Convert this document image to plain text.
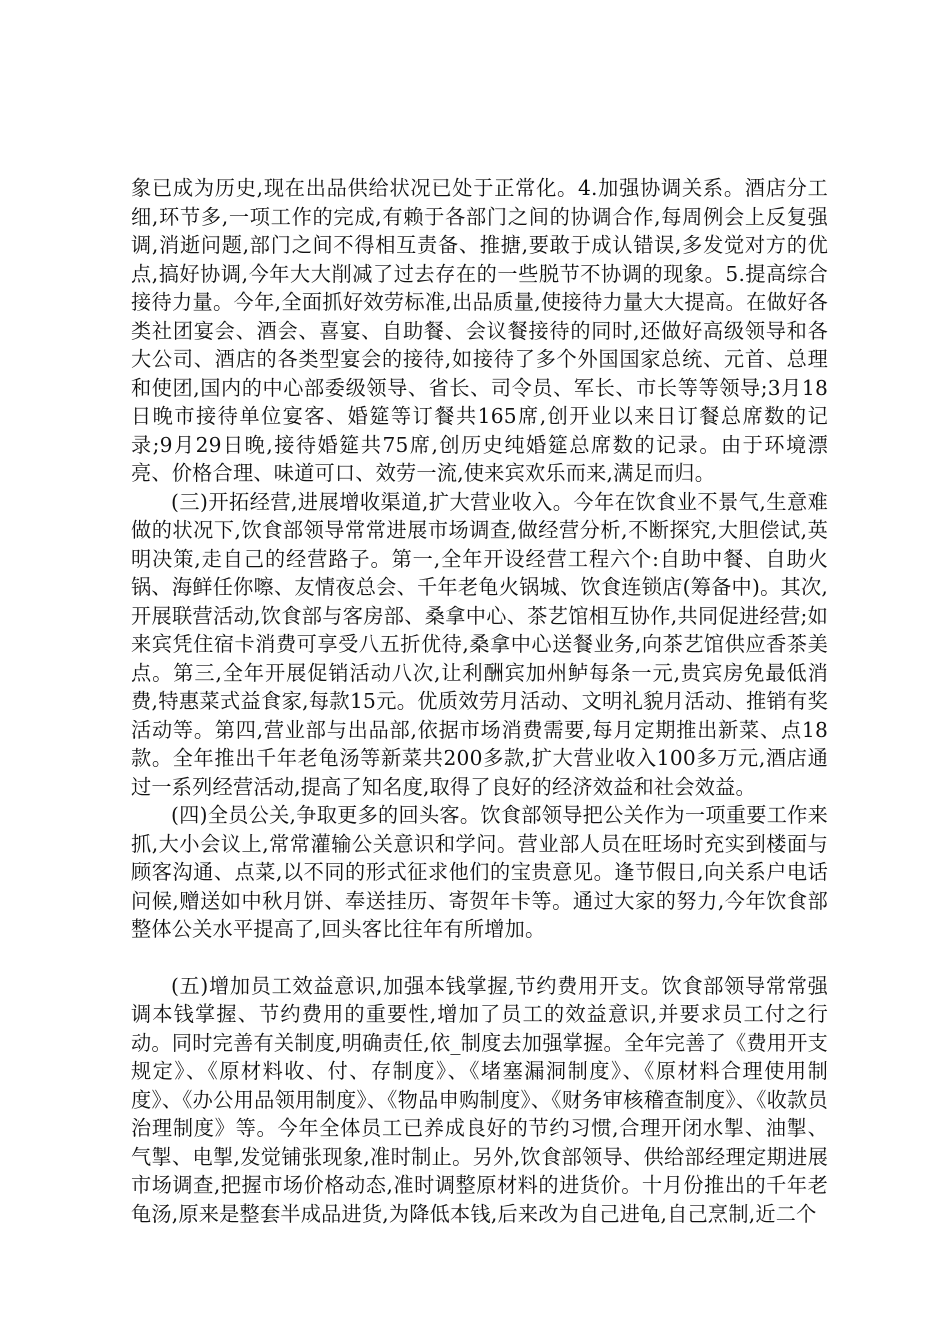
象已成为历史,现在出品供给状况已处于正常化。4.加强协调关系。酒店分工细,环节多,一项工作的完成,有赖于各部门之间的协调合作,每周例会上反复强调,消逝问题,部门之间不得相互责备、推搪,要敢于成认错误,多发觉对方的优点,搞好协调,今年大大削减了过去存在的一些脱节不协调的现象。5.提高综合接待力量。今年,全面抓好效劳标准,出品质量,使接待力量大大提高。在做好各类社团宴会、酒会、喜宴、自助餐、会议餐接待的同时,还做好高级领导和各大公司、酒店的各类型宴会的接待,如接待了多个外国国家总统、元首、总理和使团,国内的中心部委级领导、省长、司令员、军长、市长等等领导;3月18日晚市接待单位宴客、婚筵等订餐共165席,创开业以来日订餐总席数的记录;9月29日晚,接待婚筵共75席,创历史纯婚筵总席数的记录。由于环境漂亮、价格合理、味道可口、效劳一流,使来宾欢乐而来,满足而归。

(三)开拓经营,进展增收渠道,扩大营业收入。今年在饮食业不景气,生意难做的状况下,饮食部领导常常进展市场调查,做经营分析,不断探究,大胆偿试,英明决策,走自己的经营路子。第一,全年开设经营工程六个:自助中餐、自助火锅、海鲜任你嚓、友情夜总会、千年老龟火锅城、饮食连锁店(筹备中)。其次,开展联营活动,饮食部与客房部、桑拿中心、茶艺馆相互协作,共同促进经营;如来宾凭住宿卡消费可享受八五折优待,桑拿中心送餐业务,向茶艺馆供应香茶美点。第三,全年开展促销活动八次,让利酬宾加州鲈每条一元,贵宾房免最低消费,特惠菜式益食家,每款15元。优质效劳月活动、文明礼貌月活动、推销有奖活动等。第四,营业部与出品部,依据市场消费需要,每月定期推出新菜、点18款。全年推出千年老龟汤等新菜共200多款,扩大营业收入100多万元,酒店通过一系列经营活动,提高了知名度,取得了良好的经济效益和社会效益。

(四)全员公关,争取更多的回头客。饮食部领导把公关作为一项重要工作来抓,大小会议上,常常灌输公关意识和学问。营业部人员在旺场时充实到楼面与顾客沟通、点菜,以不同的形式征求他们的宝贵意见。逢节假日,向关系户电话问候,赠送如中秋月饼、奉送挂历、寄贺年卡等。通过大家的努力,今年饮食部整体公关水平提高了,回头客比往年有所增加。

(五)增加员工效益意识,加强本钱掌握,节约费用开支。饮食部领导常常强调本钱掌握、节约费用的重要性,增加了员工的效益意识,并要求员工付之行动。同时完善有关制度,明确责任,依_制度去加强掌握。全年完善了《费用开支规定》、《原材料收、付、存制度》、《堵塞漏洞制度》、《原材料合理使用制度》、《办公用品领用制度》、《物品申购制度》、《财务审核稽查制度》、《收款员治理制度》等。今年全体员工已养成良好的节约习惯,合理开闭水掣、油掣、气掣、电掣,发觉铺张现象,准时制止。另外,饮食部领导、供给部经理定期进展市场调查,把握市场价格动态,准时调整原材料的进货价。十月份推出的千年老龟汤,原来是整套半成品进货,为降低本钱,后来改为自己进龟,自己烹制,近二个
